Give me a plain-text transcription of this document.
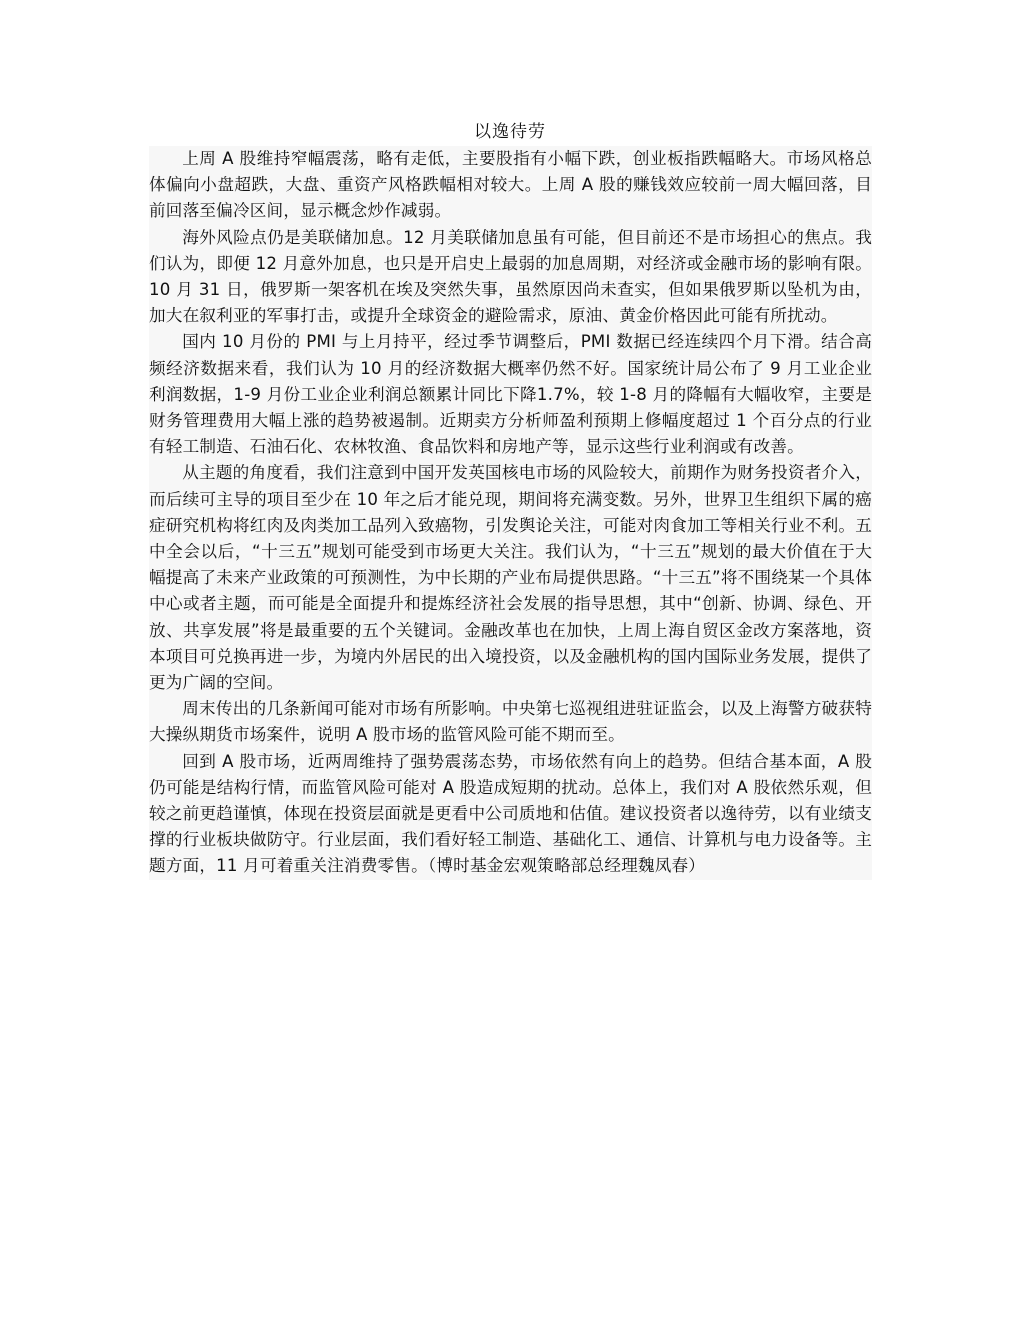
以逸待劳

上周 A 股维持窄幅震荡，略有走低，主要股指有小幅下跌，创业板指跌幅略大。市场风格总体偏向小盘超跌，大盘、重资产风格跌幅相对较大。上周 A 股的赚钱效应较前一周大幅回落，目前回落至偏冷区间，显示概念炒作减弱。

海外风险点仍是美联储加息。12 月美联储加息虽有可能，但目前还不是市场担心的焦点。我们认为，即便 12 月意外加息，也只是开启史上最弱的加息周期，对经济或金融市场的影响有限。10 月 31 日，俄罗斯一架客机在埃及突然失事，虽然原因尚未查实，但如果俄罗斯以坠机为由，加大在叙利亚的军事打击，或提升全球资金的避险需求，原油、黄金价格因此可能有所扰动。

国内 10 月份的 PMI 与上月持平，经过季节调整后，PMI 数据已经连续四个月下滑。结合高频经济数据来看，我们认为 10 月的经济数据大概率仍然不好。国家统计局公布了 9 月工业企业利润数据，1-9 月份工业企业利润总额累计同比下降1.7%，较 1-8 月的降幅有大幅收窄，主要是财务管理费用大幅上涨的趋势被遏制。近期卖方分析师盈利预期上修幅度超过 1 个百分点的行业有轻工制造、石油石化、农林牧渔、食品饮料和房地产等，显示这些行业利润或有改善。

从主题的角度看，我们注意到中国开发英国核电市场的风险较大，前期作为财务投资者介入，而后续可主导的项目至少在 10 年之后才能兑现，期间将充满变数。另外，世界卫生组织下属的癌症研究机构将红肉及肉类加工品列入致癌物，引发舆论关注，可能对肉食加工等相关行业不利。五中全会以后，“十三五”规划可能受到市场更大关注。我们认为，“十三五”规划的最大价值在于大幅提高了未来产业政策的可预测性，为中长期的产业布局提供思路。“十三五”将不围绕某一个具体中心或者主题，而可能是全面提升和提炼经济社会发展的指导思想，其中“创新、协调、绿色、开放、共享发展”将是最重要的五个关键词。金融改革也在加快，上周上海自贸区金改方案落地，资本项目可兑换再进一步，为境内外居民的出入境投资，以及金融机构的国内国际业务发展，提供了更为广阔的空间。

周末传出的几条新闻可能对市场有所影响。中央第七巡视组进驻证监会，以及上海警方破获特大操纵期货市场案件，说明 A 股市场的监管风险可能不期而至。

回到 A 股市场，近两周维持了强势震荡态势，市场依然有向上的趋势。但结合基本面，A 股仍可能是结构行情，而监管风险可能对 A 股造成短期的扰动。总体上，我们对 A 股依然乐观，但较之前更趋谨慎，体现在投资层面就是更看中公司质地和估值。建议投资者以逸待劳，以有业绩支撑的行业板块做防守。行业层面，我们看好轻工制造、基础化工、通信、计算机与电力设备等。主题方面，11 月可着重关注消费零售。（博时基金宏观策略部总经理魏凤春）
